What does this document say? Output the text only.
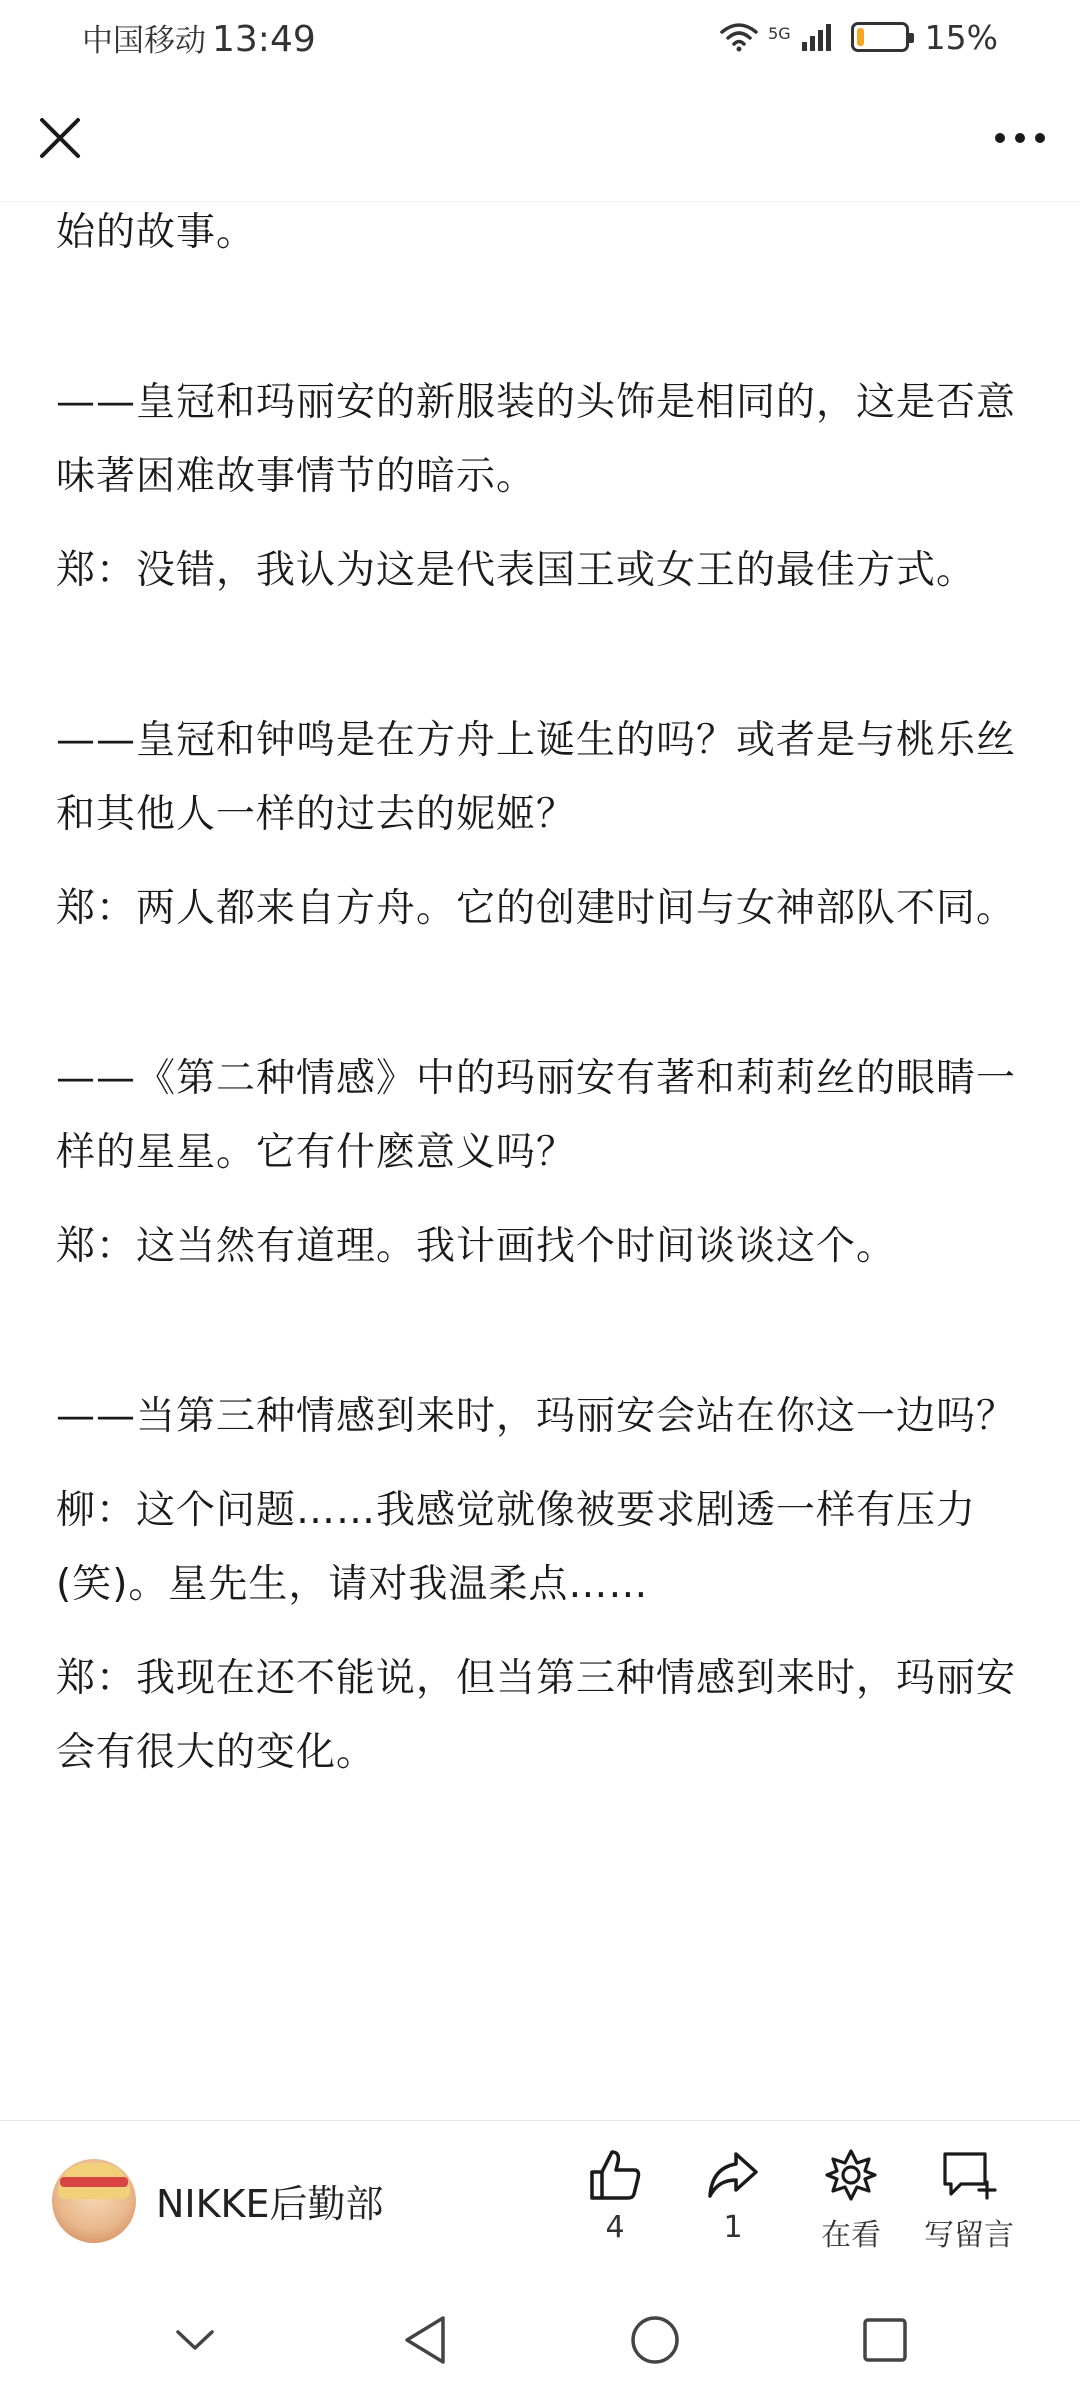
中国移动 13:49	5G	15%

始的故事。

——皇冠和玛丽安的新服装的头饰是相同的，这是否意味著困难故事情节的暗示。

郑：没错，我认为这是代表国王或女王的最佳方式。

——皇冠和钟鸣是在方舟上诞生的吗？或者是与桃乐丝和其他人一样的过去的妮姬？

郑：两人都来自方舟。它的创建时间与女神部队不同。

——《第二种情感》中的玛丽安有著和莉莉丝的眼睛一样的星星。它有什麽意义吗？

郑：这当然有道理。我计画找个时间谈谈这个。

——当第三种情感到来时，玛丽安会站在你这一边吗？

柳：这个问题……我感觉就像被要求剧透一样有压力(笑)。星先生，请对我温柔点……

郑：我现在还不能说，但当第三种情感到来时，玛丽安会有很大的变化。

NIKKE后勤部
4	1	在看 写留言
